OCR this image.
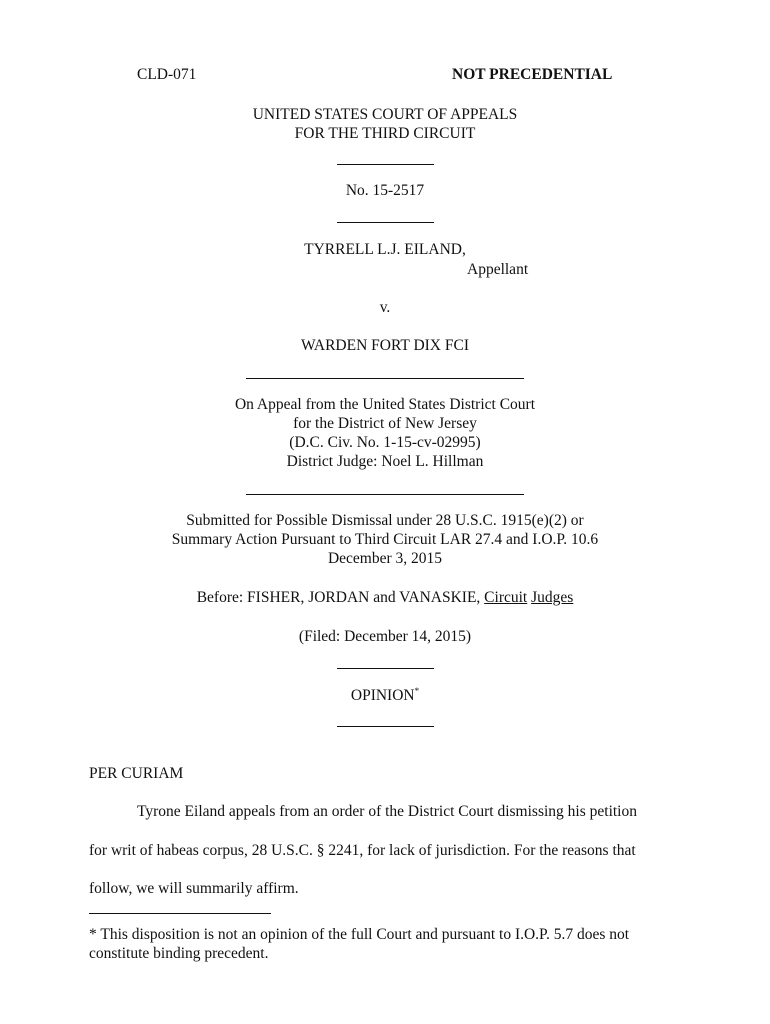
CLD-071	NOT PRECEDENTIAL
UNITED STATES COURT OF APPEALS
FOR THE THIRD CIRCUIT
No. 15-2517
TYRRELL L.J. EILAND,
Appellant
v.
WARDEN FORT DIX FCI
On Appeal from the United States District Court
for the District of New Jersey
(D.C. Civ. No. 1-15-cv-02995)
District Judge: Noel L. Hillman
Submitted for Possible Dismissal under 28 U.S.C. 1915(e)(2) or
Summary Action Pursuant to Third Circuit LAR 27.4 and I.O.P. 10.6
December 3, 2015
Before: FISHER, JORDAN and VANASKIE, Circuit Judges
(Filed: December 14, 2015)
OPINION*
PER CURIAM
Tyrone Eiland appeals from an order of the District Court dismissing his petition
for writ of habeas corpus, 28 U.S.C. § 2241, for lack of jurisdiction. For the reasons that
follow, we will summarily affirm.
* This disposition is not an opinion of the full Court and pursuant to I.O.P. 5.7 does not
constitute binding precedent.
